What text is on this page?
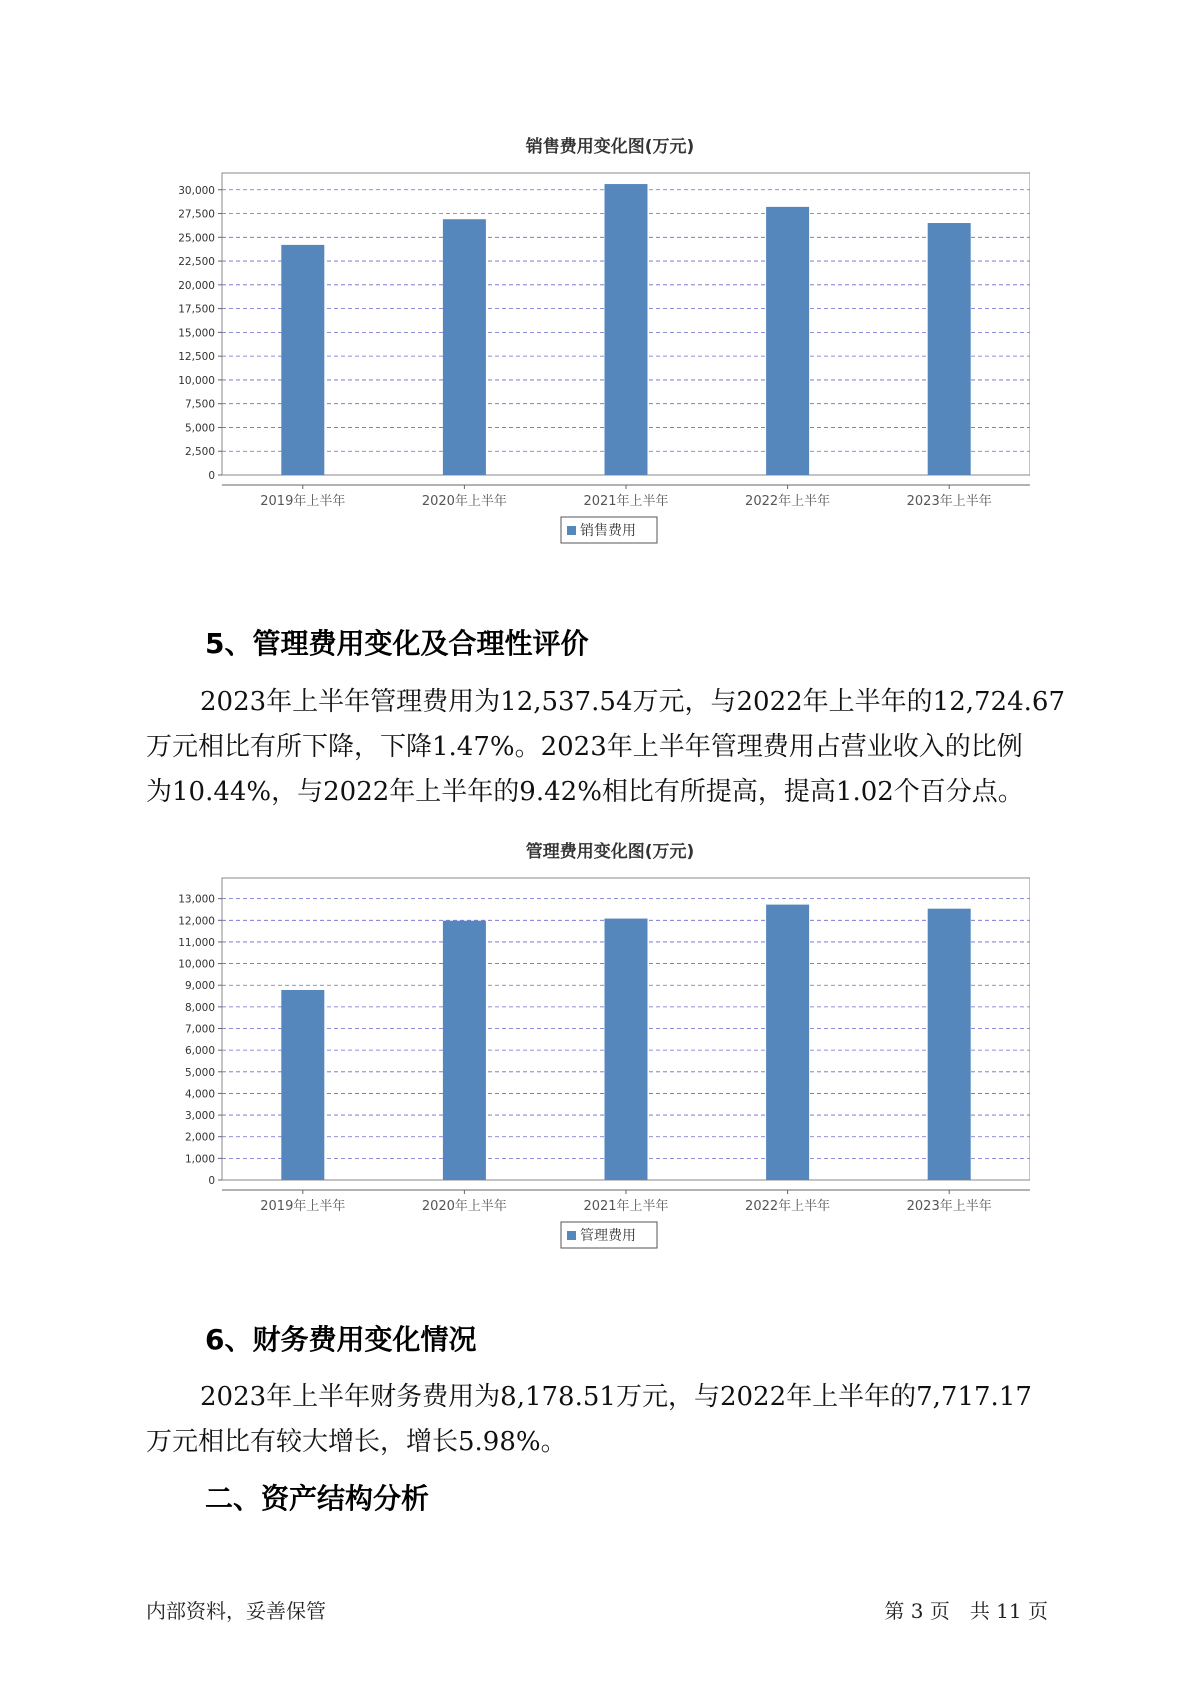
销售费用变化图(万元)
0
2,500
5,000
7,500
10,000
12,500
15,000
17,500
20,000
22,500
25,000
27,500
30,000
2019年上半年	2020年上半年	2021年上半年	2022年上半年	2023年上半年
销售费用
5、管理费用变化及合理性评价
2023年上半年管理费用为12,537.54万元，与2022年上半年的12,724.67
万元相比有所下降，下降1.47%。2023年上半年管理费用占营业收入的比例
为10.44%，与2022年上半年的9.42%相比有所提高，提高1.02个百分点。
管理费用变化图(万元)
0
1,000
2,000
3,000
4,000
5,000
6,000
7,000
8,000
9,000
10,000
11,000
12,000
13,000
2019年上半年	2020年上半年	2021年上半年	2022年上半年	2023年上半年
管理费用
6、财务费用变化情况
2023年上半年财务费用为8,178.51万元，与2022年上半年的7,717.17
万元相比有较大增长，增长5.98%。
二、资产结构分析
内部资料，妥善保管	第 3 页　共 11 页
